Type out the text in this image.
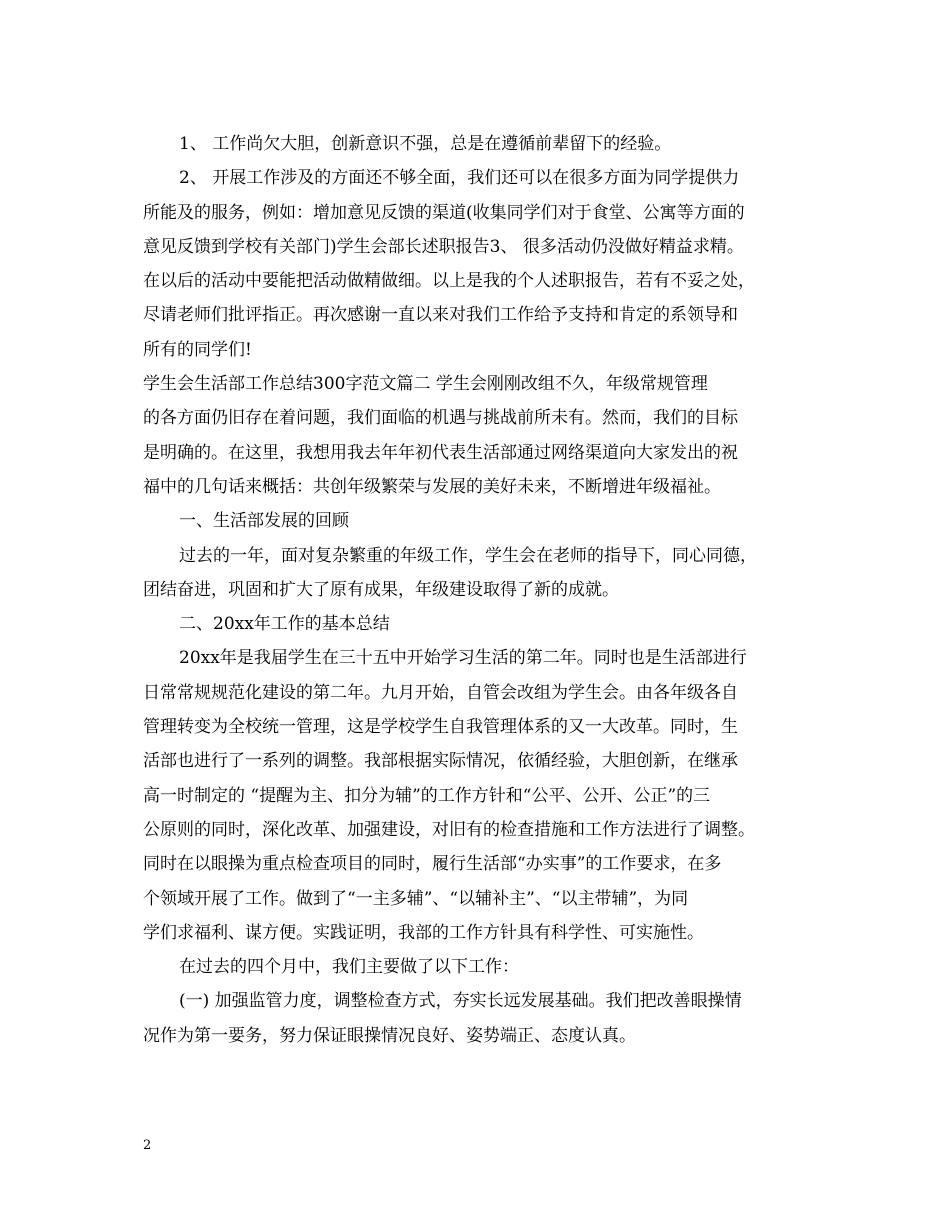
1、 工作尚欠大胆，创新意识不强，总是在遵循前辈留下的经验。
2、 开展工作涉及的方面还不够全面，我们还可以在很多方面为同学提供力
所能及的服务，例如：增加意见反馈的渠道(收集同学们对于食堂、公寓等方面的
意见反馈到学校有关部门)学生会部长述职报告3、 很多活动仍没做好精益求精。
在以后的活动中要能把活动做精做细。以上是我的个人述职报告，若有不妥之处，
尽请老师们批评指正。再次感谢一直以来对我们工作给予支持和肯定的系领导和
所有的同学们!
学生会生活部工作总结300字范文篇二 学生会刚刚改组不久，年级常规管理
的各方面仍旧存在着问题，我们面临的机遇与挑战前所未有。然而，我们的目标
是明确的。在这里，我想用我去年年初代表生活部通过网络渠道向大家发出的祝
福中的几句话来概括：共创年级繁荣与发展的美好未来，不断增进年级福祉。
一、生活部发展的回顾
过去的一年，面对复杂繁重的年级工作，学生会在老师的指导下，同心同德，
团结奋进，巩固和扩大了原有成果，年级建设取得了新的成就。
二、20xx年工作的基本总结
20xx年是我届学生在三十五中开始学习生活的第二年。同时也是生活部进行
日常常规规范化建设的第二年。九月开始，自管会改组为学生会。由各年级各自
管理转变为全校统一管理，这是学校学生自我管理体系的又一大改革。同时，生
活部也进行了一系列的调整。我部根据实际情况，依循经验，大胆创新，在继承
高一时制定的 “提醒为主、扣分为辅”的工作方针和“公平、公开、公正”的三
公原则的同时，深化改革、加强建设，对旧有的检查措施和工作方法进行了调整。
同时在以眼操为重点检查项目的同时，履行生活部“办实事”的工作要求，在多
个领域开展了工作。做到了“一主多辅”、“以辅补主”、“以主带辅”，为同
学们求福利、谋方便。实践证明，我部的工作方针具有科学性、可实施性。
在过去的四个月中，我们主要做了以下工作：
(一) 加强监管力度，调整检查方式，夯实长远发展基础。我们把改善眼操情
况作为第一要务，努力保证眼操情况良好、姿势端正、态度认真。
2
